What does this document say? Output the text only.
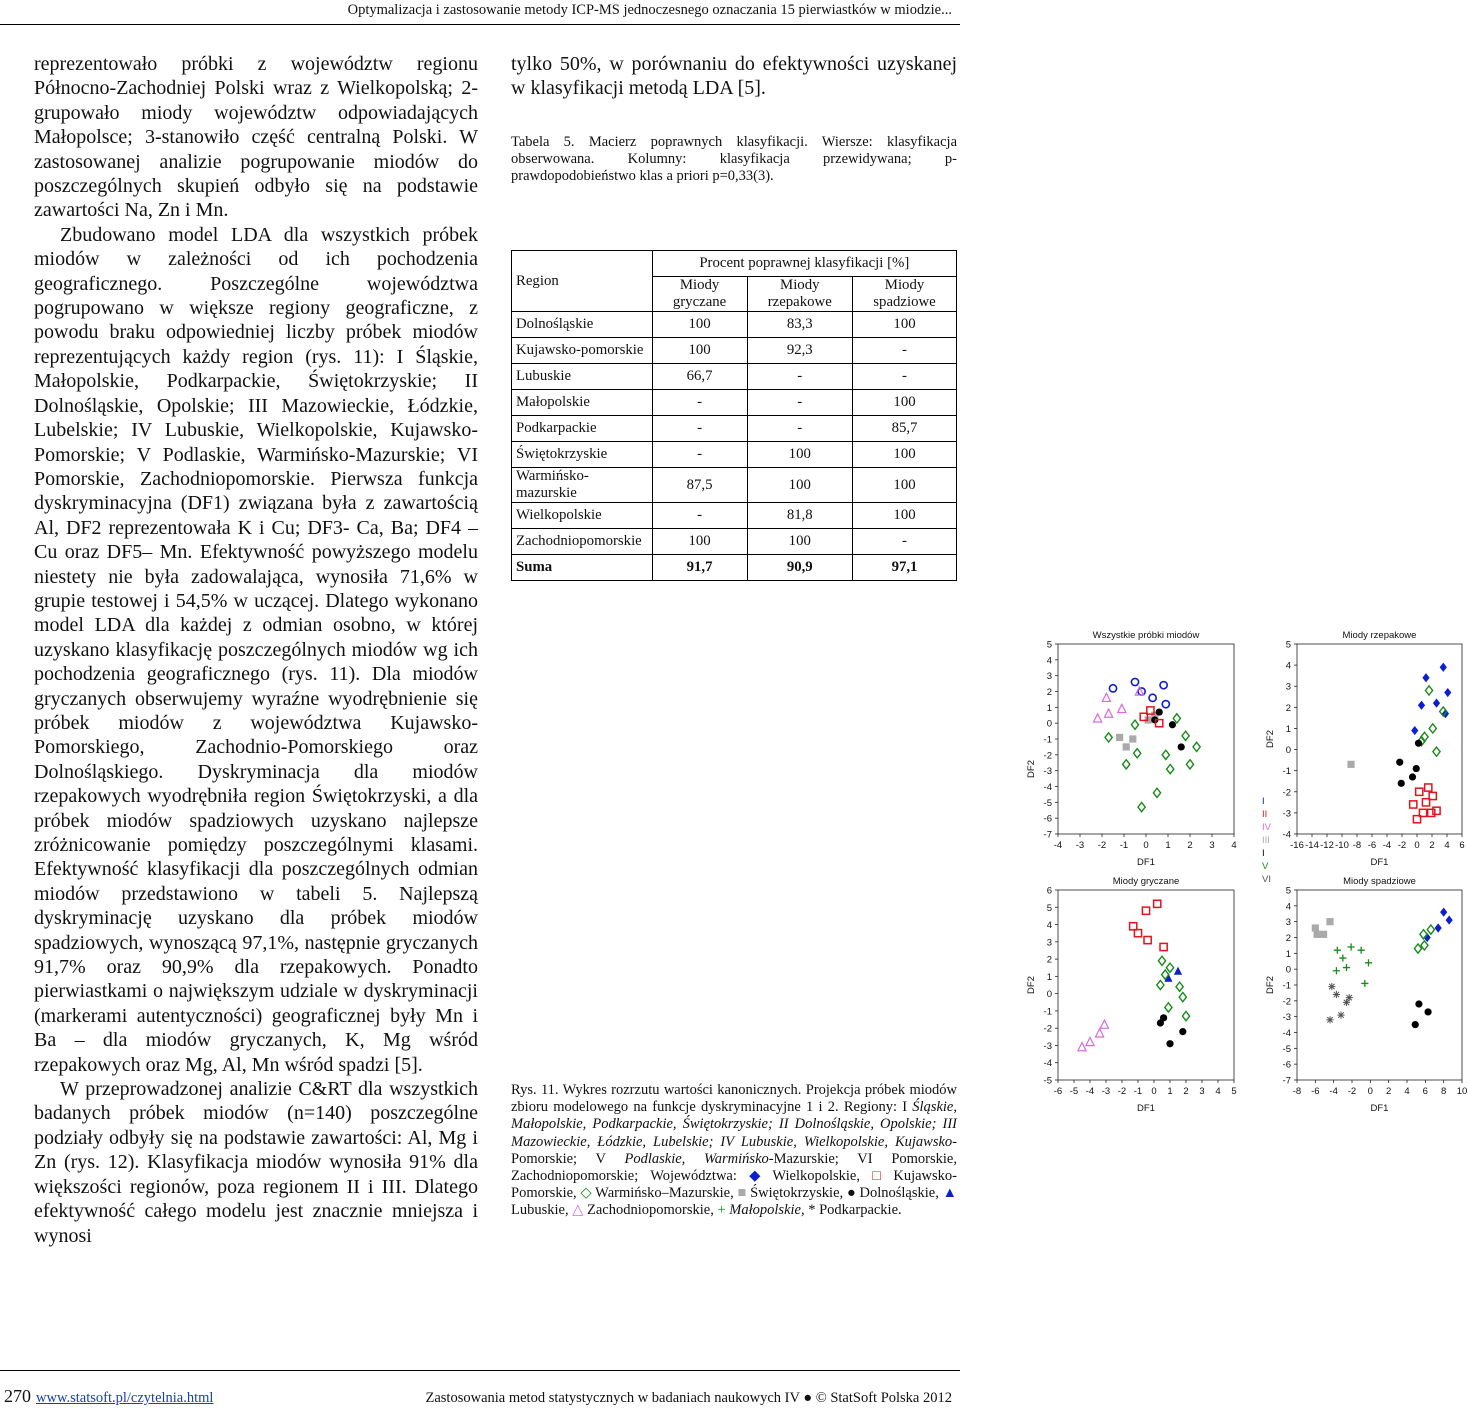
Optymalizacja i zastosowanie metody ICP-MS jednoczesnego oznaczania 15 pierwiastków w miodzie...

reprezentowało próbki z województw regionu Północno-Zachodniej Polski wraz z Wielkopolską; 2- grupowało miody województw odpowiadających Małopolsce; 3-stanowiło część centralną Polski. W zastosowanej analizie pogrupowanie miodów do poszczególnych skupień odbyło się na podstawie zawartości Na, Zn i Mn.

Zbudowano model LDA dla wszystkich próbek miodów w zależności od ich pochodzenia geograficznego. Poszczególne województwa pogrupowano w większe regiony geograficzne, z powodu braku odpowiedniej liczby próbek miodów reprezentujących każdy region (rys. 11): I Śląskie, Małopolskie, Podkarpackie, Świętokrzyskie; II Dolnośląskie, Opolskie; III Mazowieckie, Łódzkie, Lubelskie; IV Lubuskie, Wielkopolskie, Kujawsko-Pomorskie; V Podlaskie, Warmińsko-Mazurskie; VI Pomorskie, Zachodniopomorskie. Pierwsza funkcja dyskryminacyjna (DF1) związana była z zawartością Al, DF2 reprezentowała K i Cu; DF3- Ca, Ba; DF4 – Cu oraz DF5– Mn. Efektywność powyższego modelu niestety nie była zadowalająca, wynosiła 71,6% w grupie testowej i 54,5% w uczącej. Dlatego wykonano model LDA dla każdej z odmian osobno, w której uzyskano klasyfikację poszczególnych miodów wg ich pochodzenia geograficznego (rys. 11). Dla miodów gryczanych obserwujemy wyraźne wyodrębnienie się próbek miodów z województwa Kujawsko-Pomorskiego, Zachodnio-Pomorskiego oraz Dolnośląskiego. Dyskryminacja dla miodów rzepakowych wyodrębniła region Świętokrzyski, a dla próbek miodów spadziowych uzyskano najlepsze zróżnicowanie pomiędzy poszczególnymi klasami. Efektywność klasyfikacji dla poszczególnych odmian miodów przedstawiono w tabeli 5. Najlepszą dyskryminację uzyskano dla próbek miodów spadziowych, wynoszącą 97,1%, następnie gryczanych 91,7% oraz 90,9% dla rzepakowych. Ponadto pierwiastkami o największym udziale w dyskryminacji (markerami autentyczności) geograficznej były Mn i Ba – dla miodów gryczanych, K, Mg wśród rzepakowych oraz Mg, Al, Mn wśród spadzi [5].

W przeprowadzonej analizie C&RT dla wszystkich badanych próbek miodów (n=140) poszczególne podziały odbyły się na podstawie zawartości: Al, Mg i Zn (rys. 12). Klasyfikacja miodów wynosiła 91% dla większości regionów, poza regionem II i III. Dlatego efektywność całego modelu jest znacznie mniejsza i wynosi

tylko 50%, w porównaniu do efektywności uzyskanej w klasyfikacji metodą LDA [5].

Tabela 5. Macierz poprawnych klasyfikacji. Wiersze: klasyfikacja obserwowana. Kolumny: klasyfikacja przewidywana; p-prawdopodobieństwo klas a priori p=0,33(3).

Region	Procent poprawnej klasyfikacji [%]		
	Miody gryczane	Miody rzepakowe	Miody spadziowe
Dolnośląskie	100	83,3	100
Kujawsko-pomorskie	100	92,3	-
Lubuskie	66,7	-	-
Małopolskie	-	-	100
Podkarpackie	-	-	85,7
Świętokrzyskie	-	100	100
Warmińsko-mazurskie	87,5	100	100
Wielkopolskie	-	81,8	100
Zachodniopomorskie	100	100	-
Suma	91,7	90,9	97,1
Wszystkie próbki miodów
5
4
3
2
1
0
-1
-2
-3
-4
-5
-6
-7
-4 -3 -2 -1 0 1 2 3 4
DF1
DF2
I
II
IV
III
I
V
VI
Miody rzepakowe
5
4
3
2
1
0
-1
-2
-3
-4
-16 -14 -12 -10 -8 -6 -4 -2 0 2 4 6
DF1
DF2
Miody gryczane
6
5
4
3
2
1
0
-1
-2
-3
-4
-5
-6 -5 -4 -3 -2 -1 0 1 2 3 4 5
DF1
DF2
Miody spadziowe
5
4
3
2
1
0
-1
-2
-3
-4
-5
-6
-7
-8 -6 -4 -2 0 2 4 6 8 10
DF1
DF2

Rys. 11. Wykres rozrzutu wartości kanonicznych. Projekcja próbek miodów zbioru modelowego na funkcje dyskryminacyjne 1 i 2. Regiony: I Śląskie, Małopolskie, Podkarpackie, Świętokrzyskie; II Dolnośląskie, Opolskie; III Mazowieckie, Łódzkie, Lubelskie; IV Lubuskie, Wielkopolskie, Kujawsko-Pomorskie; V Podlaskie, Warmińsko-Mazurskie; VI Pomorskie, Zachodniopomorskie; Województwa: ◆ Wielkopolskie, □ Kujawsko-Pomorskie, ◇ Warmińsko–Mazurskie, ■ Świętokrzyskie, ● Dolnośląskie, ▲ Lubuskie, △ Zachodniopomorskie, + Małopolskie, * Podkarpackie.

270 www.statsoft.pl/czytelnia.html	Zastosowania metod statystycznych w badaniach naukowych IV ● © StatSoft Polska 2012
